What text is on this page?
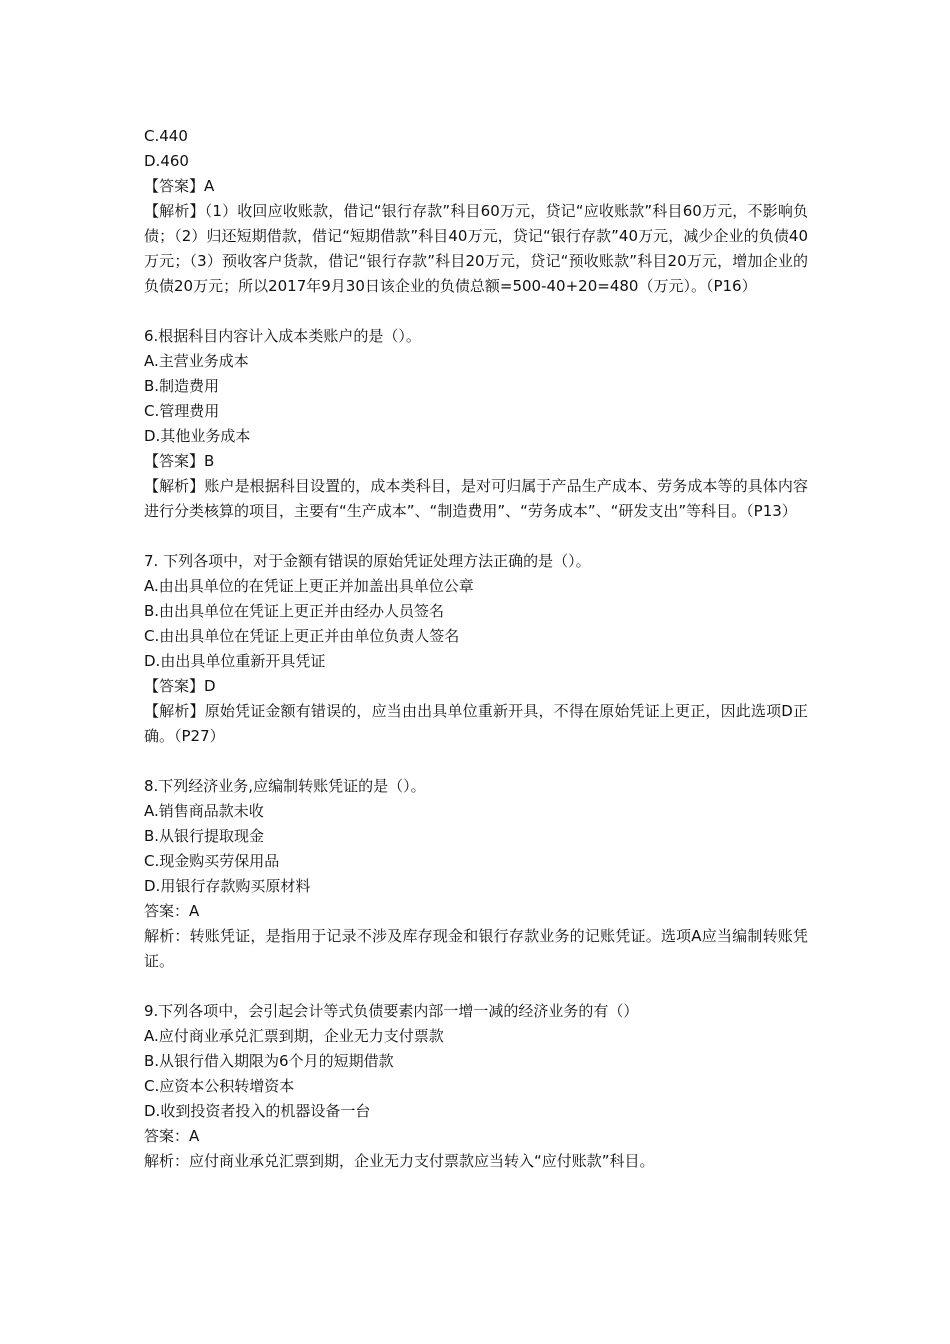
C.440

D.460

【答案】A

【解析】（1）收回应收账款，借记“银行存款”科目60万元，贷记“应收账款”科目60万元，不影响负债；（2）归还短期借款，借记“短期借款”科目40万元，贷记“银行存款”40万元，减少企业的负债40万元；（3）预收客户货款，借记“银行存款”科目20万元，贷记“预收账款”科目20万元，增加企业的负债20万元；所以2017年9月30日该企业的负债总额=500-40+20=480（万元）。（P16）

6.根据科目内容计入成本类账户的是（）。

A.主营业务成本

B.制造费用

C.管理费用

D.其他业务成本

【答案】B

【解析】账户是根据科目设置的，成本类科目，是对可归属于产品生产成本、劳务成本等的具体内容进行分类核算的项目，主要有“生产成本”、“制造费用”、“劳务成本”、“研发支出”等科目。（P13）

7. 下列各项中，对于金额有错误的原始凭证处理方法正确的是（）。

A.由出具单位的在凭证上更正并加盖出具单位公章

B.由出具单位在凭证上更正并由经办人员签名

C.由出具单位在凭证上更正并由单位负责人签名

D.由出具单位重新开具凭证

【答案】D

【解析】原始凭证金额有错误的，应当由出具单位重新开具，不得在原始凭证上更正，因此选项D正确。（P27）

8.下列经济业务,应编制转账凭证的是（）。

A.销售商品款未收

B.从银行提取现金

C.现金购买劳保用品

D.用银行存款购买原材料

答案：A

解析：转账凭证，是指用于记录不涉及库存现金和银行存款业务的记账凭证。选项A应当编制转账凭证。

9.下列各项中，会引起会计等式负债要素内部一增一减的经济业务的有（）

A.应付商业承兑汇票到期，企业无力支付票款

B.从银行借入期限为6个月的短期借款

C.应资本公积转增资本

D.收到投资者投入的机器设备一台

答案：A

解析：应付商业承兑汇票到期，企业无力支付票款应当转入“应付账款”科目。
